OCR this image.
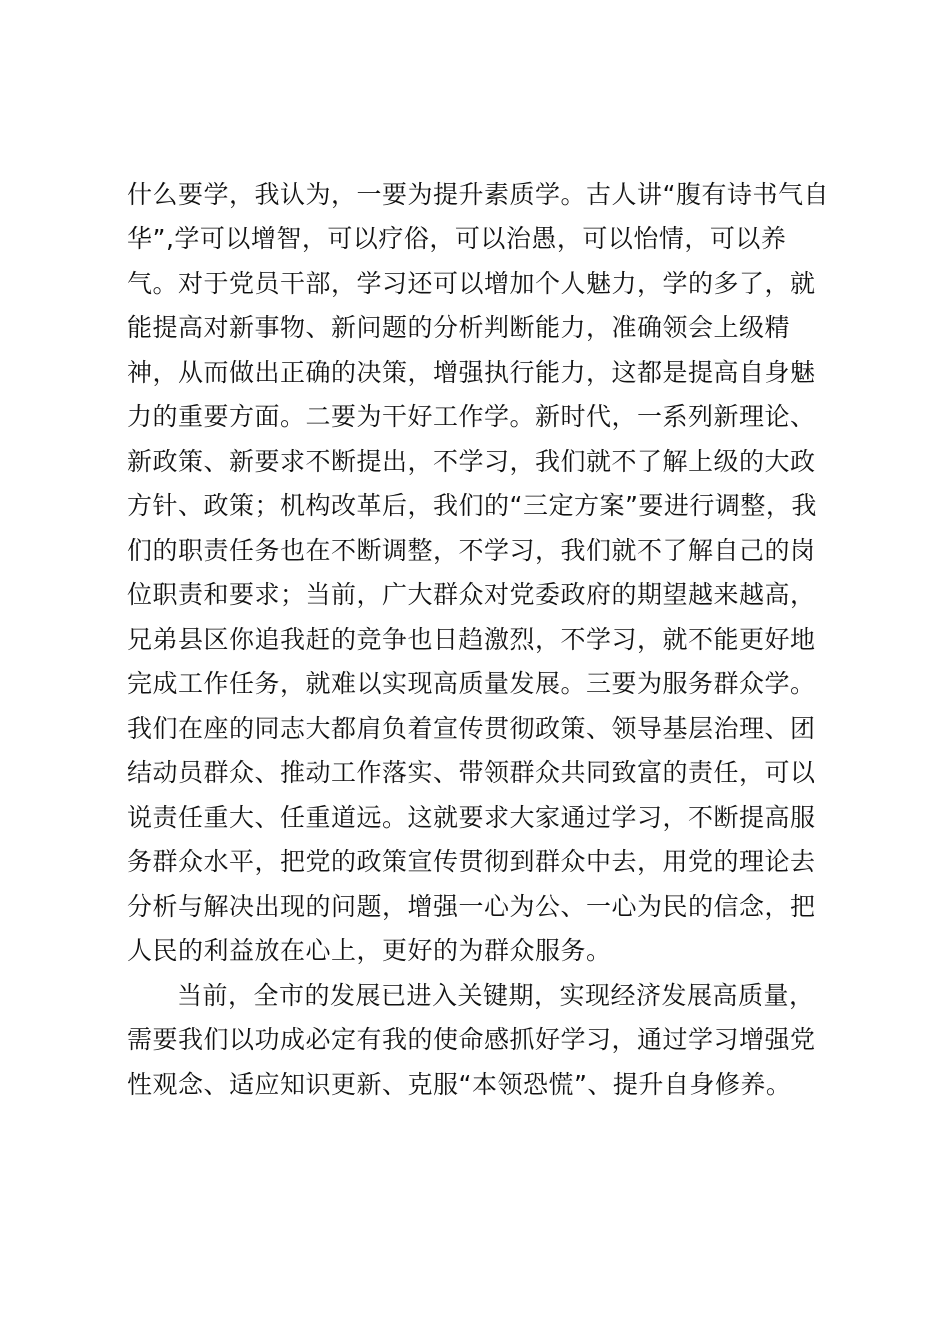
什么要学，我认为，一要为提升素质学。古人讲“腹有诗书气自
华”,学可以增智，可以疗俗，可以治愚，可以怡情，可以养
气。对于党员干部，学习还可以增加个人魅力，学的多了，就
能提高对新事物、新问题的分析判断能力，准确领会上级精
神，从而做出正确的决策，增强执行能力，这都是提高自身魅
力的重要方面。二要为干好工作学。新时代，一系列新理论、
新政策、新要求不断提出，不学习，我们就不了解上级的大政
方针、政策；机构改革后，我们的“三定方案”要进行调整，我
们的职责任务也在不断调整，不学习，我们就不了解自己的岗
位职责和要求；当前，广大群众对党委政府的期望越来越高，
兄弟县区你追我赶的竞争也日趋激烈，不学习，就不能更好地
完成工作任务，就难以实现高质量发展。三要为服务群众学。
我们在座的同志大都肩负着宣传贯彻政策、领导基层治理、团
结动员群众、推动工作落实、带领群众共同致富的责任，可以
说责任重大、任重道远。这就要求大家通过学习，不断提高服
务群众水平，把党的政策宣传贯彻到群众中去，用党的理论去
分析与解决出现的问题，增强一心为公、一心为民的信念，把
人民的利益放在心上，更好的为群众服务。
当前，全市的发展已进入关键期，实现经济发展高质量，
需要我们以功成必定有我的使命感抓好学习，通过学习增强党
性观念、适应知识更新、克服“本领恐慌”、提升自身修养。
